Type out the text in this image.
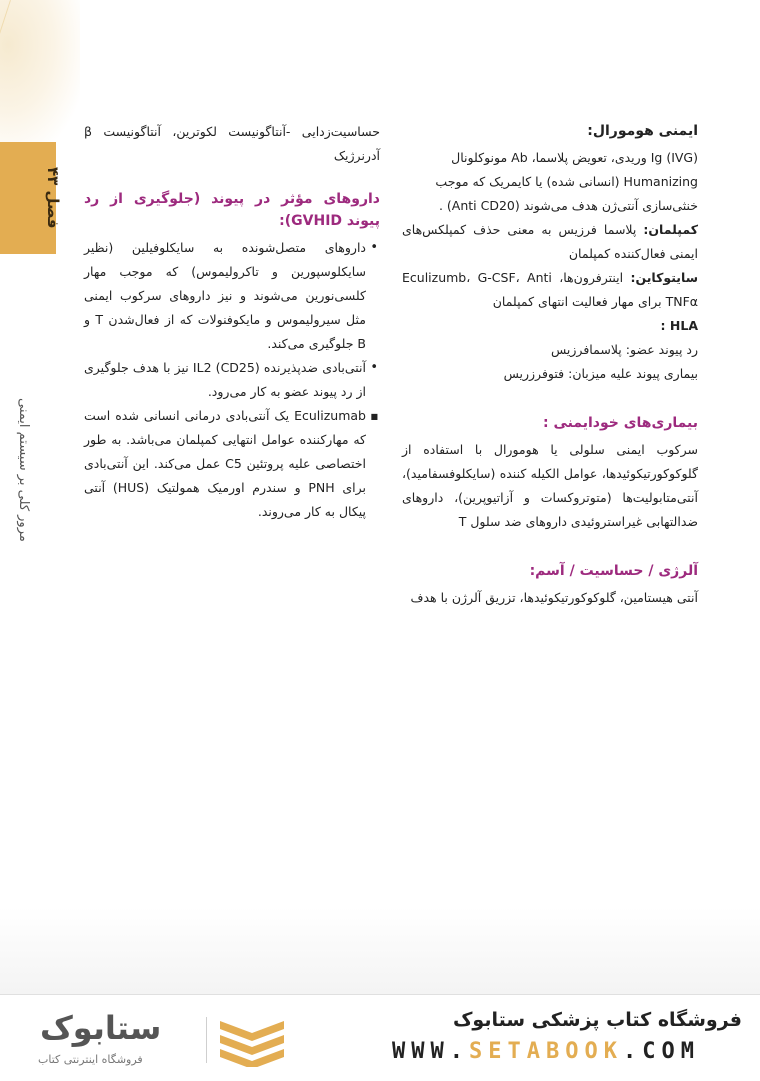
فصل ۴۳
مرور کلی بر سیستم ایمنی
ایمنی هومورال:

Ig (IVG) وریدی، تعویض پلاسما، Ab مونوکلونال

Humanizing (انسانی شده) یا کایمریک که موجب

خنثی‌سازی آنتی‌ژن هدف می‌شوند (Anti CD20) .

کمپلمان: پلاسما فرزیس به معنی حذف کمپلکس‌های ایمنی فعال‌کننده کمپلمان

سایتوکاین: اینترفرون‌ها، Eculizumb، G-CSF، Anti TNFα برای مهار فعالیت انتهای کمپلمان

HLA :

رد پیوند عضو: پلاسمافرزیس

بیماری پیوند علیه میزبان: فتوفرزریس

بیماری‌های خودایمنی :

سرکوب ایمنی سلولی یا هومورال با استفاده از گلوکوکورتیکوئیدها، عوامل الکیله کننده (سایکلوفسفامید)، آنتی‌متابولیت‌ها (متوتروکسات و آزاتیوپرین)، داروهای ضدالتهابی غیراستروئیدی داروهای ضد سلول T

آلرژی / حساسیت / آسم:

آنتی هیستامین، گلوکوکورتیکوئیدها، تزریق آلرژن با هدف

حساسیت‌زدایی -آنتاگونیست لکوترین، آنتاگونیست β آدرنرژیک

داروهای مؤثر در پیوند (جلوگیری از رد پیوند GVHID):
• داروهای متصل‌شونده به سایکلوفیلین (نظیر سایکلوسپورین و تاکرولیموس) که موجب مهار کلسی‌نورین می‌شوند و نیز داروهای سرکوب ایمنی مثل سیرولیموس و مایکوفنولات که از فعال‌شدن T و B جلوگیری می‌کند.
• آنتی‌بادی ضدپذیرنده IL2 (CD25) نیز با هدف جلوگیری از رد پیوند عضو به کار می‌رود.
■ Eculizumab یک آنتی‌بادی درمانی انسانی شده است که مهارکننده عوامل انتهایی کمپلمان می‌باشد. به طور اختصاصی علیه پروتئین C5 عمل می‌کند. این آنتی‌بادی برای PNH و سندرم اورمیک همولتیک (HUS) آنتی پیکال به کار می‌روند.
فروشگاه کتاب پزشکی ستابوک
WWW.SETABOOK.COM
ستابوک
فروشگاه اینترنتی کتاب
